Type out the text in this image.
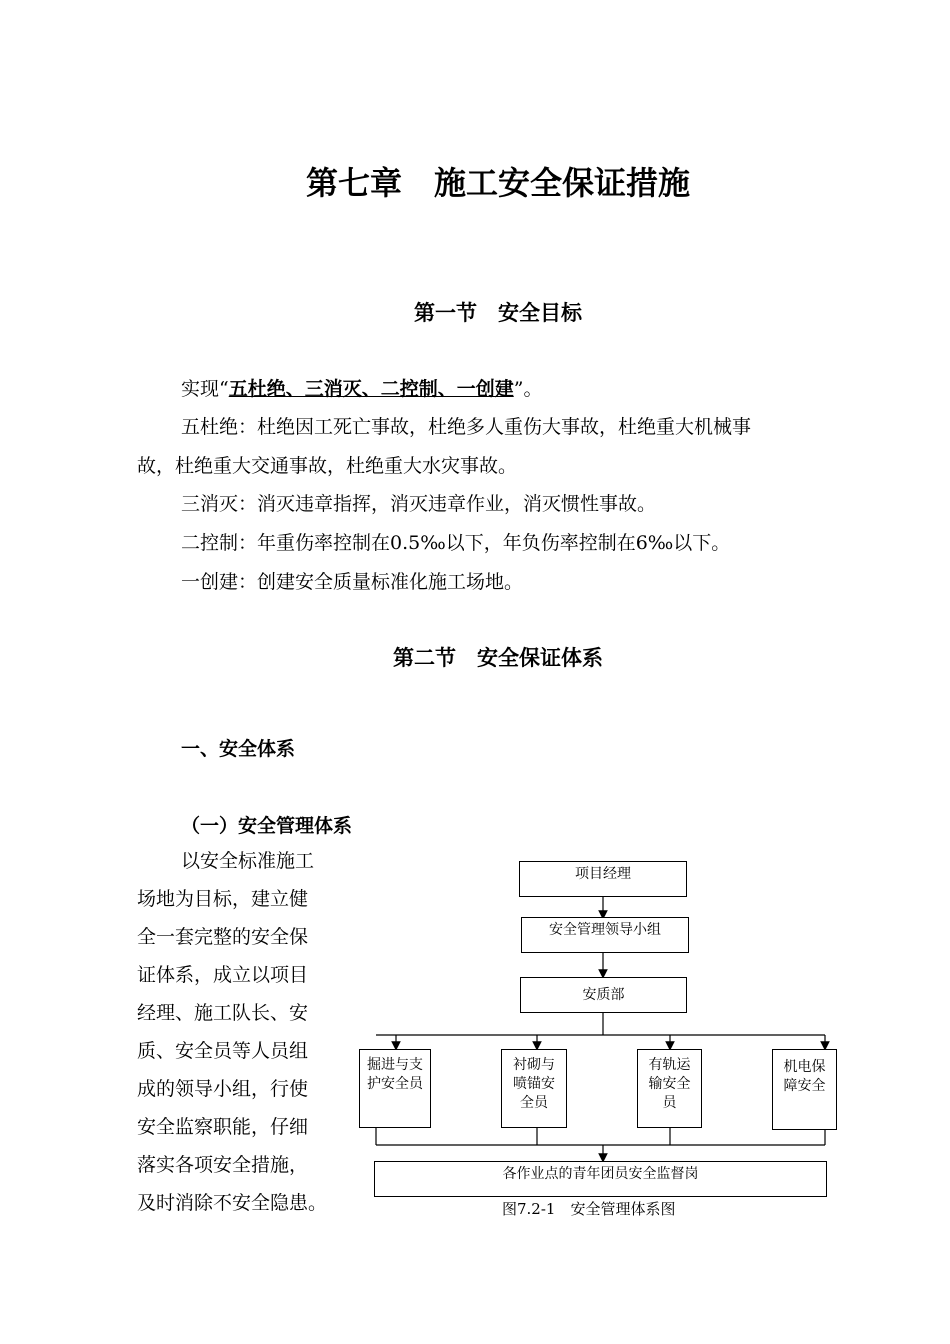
第七章　施工安全保证措施
第一节　安全目标
实现“五杜绝、三消灭、二控制、一创建”。
五杜绝：杜绝因工死亡事故，杜绝多人重伤大事故，杜绝重大机械事
故，杜绝重大交通事故，杜绝重大水灾事故。
三消灭：消灭违章指挥，消灭违章作业，消灭惯性事故。
二控制：年重伤率控制在0.5‰以下，年负伤率控制在6‰以下。
一创建：创建安全质量标准化施工场地。
第二节　安全保证体系
一、安全体系
（一）安全管理体系
以安全标准施工
场地为目标，建立健
全一套完整的安全保
证体系，成立以项目
经理、施工队长、安
质、安全员等人员组
成的领导小组，行使
安全监察职能，仔细
落实各项安全措施，
及时消除不安全隐患。
项目经理
安全管理领导小组
安质部
掘进与支
护安全员
衬砌与
喷锚安
全员
有轨运
输安全
员
机电保
障安全
各作业点的青年团员安全监督岗
图7.2-1　安全管理体系图
